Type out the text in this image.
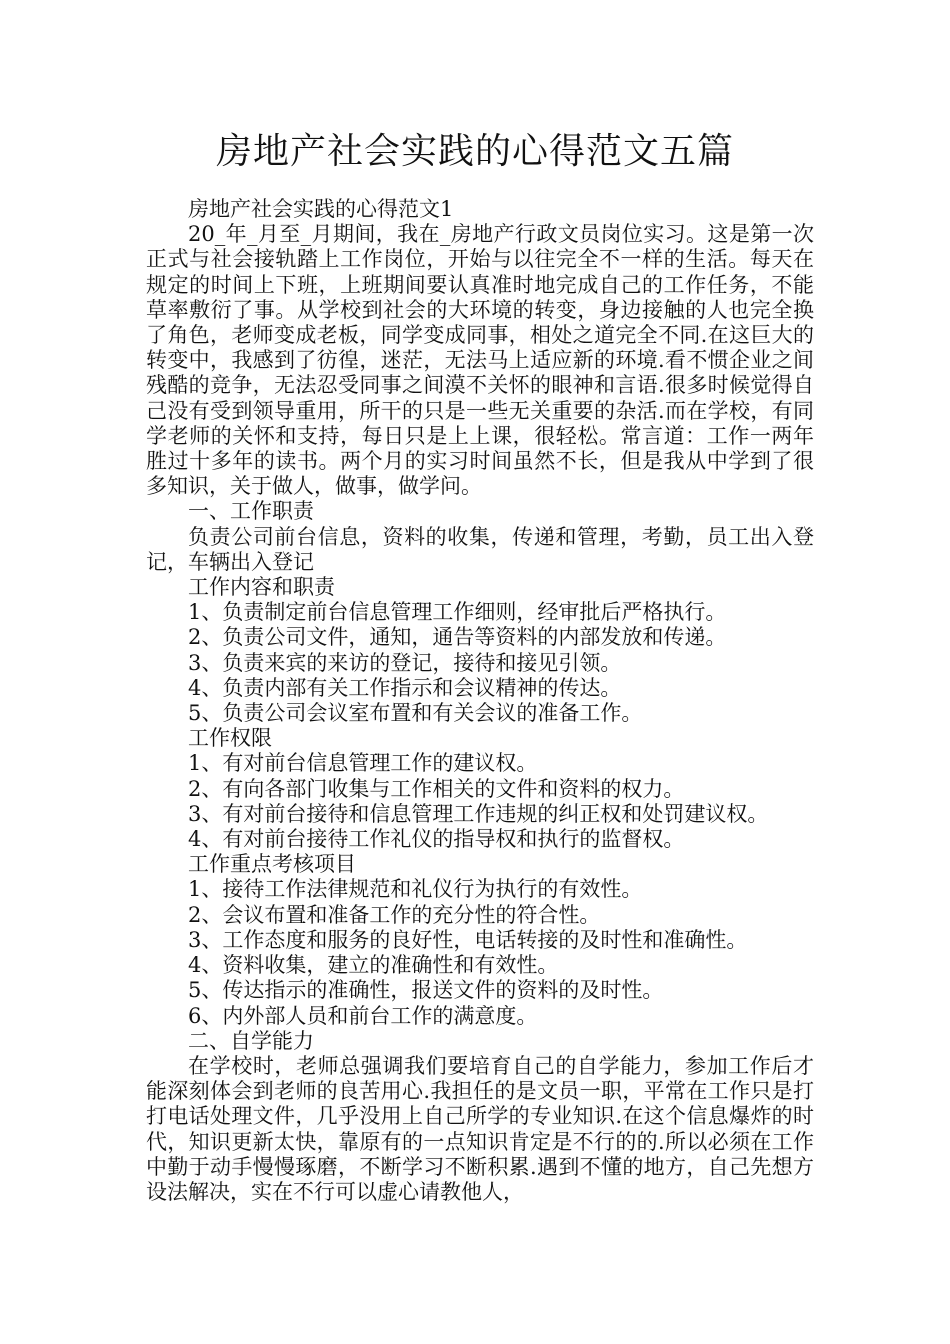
房地产社会实践的心得范文五篇

房地产社会实践的心得范文1

20_年_月至_月期间，我在_房地产行政文员岗位实习。这是第一次正式与社会接轨踏上工作岗位，开始与以往完全不一样的生活。每天在规定的时间上下班，上班期间要认真准时地完成自己的工作任务，不能草率敷衍了事。从学校到社会的大环境的转变，身边接触的人也完全换了角色，老师变成老板，同学变成同事，相处之道完全不同.在这巨大的转变中，我感到了彷徨，迷茫，无法马上适应新的环境.看不惯企业之间残酷的竞争，无法忍受同事之间漠不关怀的眼神和言语.很多时候觉得自己没有受到领导重用，所干的只是一些无关重要的杂活.而在学校，有同学老师的关怀和支持，每日只是上上课，很轻松。常言道：工作一两年胜过十多年的读书。两个月的实习时间虽然不长，但是我从中学到了很多知识，关于做人，做事，做学问。

一、工作职责

负责公司前台信息，资料的收集，传递和管理，考勤，员工出入登记，车辆出入登记

工作内容和职责

1、负责制定前台信息管理工作细则，经审批后严格执行。

2、负责公司文件，通知，通告等资料的内部发放和传递。

3、负责来宾的来访的登记，接待和接见引领。

4、负责内部有关工作指示和会议精神的传达。

5、负责公司会议室布置和有关会议的准备工作。

工作权限

1、有对前台信息管理工作的建议权。

2、有向各部门收集与工作相关的文件和资料的权力。

3、有对前台接待和信息管理工作违规的纠正权和处罚建议权。

4、有对前台接待工作礼仪的指导权和执行的监督权。

工作重点考核项目

1、接待工作法律规范和礼仪行为执行的有效性。

2、会议布置和准备工作的充分性的符合性。

3、工作态度和服务的良好性，电话转接的及时性和准确性。

4、资料收集，建立的准确性和有效性。

5、传达指示的准确性，报送文件的资料的及时性。

6、内外部人员和前台工作的满意度。

二、自学能力

在学校时，老师总强调我们要培育自己的自学能力，参加工作后才能深刻体会到老师的良苦用心.我担任的是文员一职，平常在工作只是打打电话处理文件，几乎没用上自己所学的专业知识.在这个信息爆炸的时代，知识更新太快，靠原有的一点知识肯定是不行的的.所以必须在工作中勤于动手慢慢琢磨，不断学习不断积累.遇到不懂的地方，自己先想方设法解决，实在不行可以虚心请教他人，
